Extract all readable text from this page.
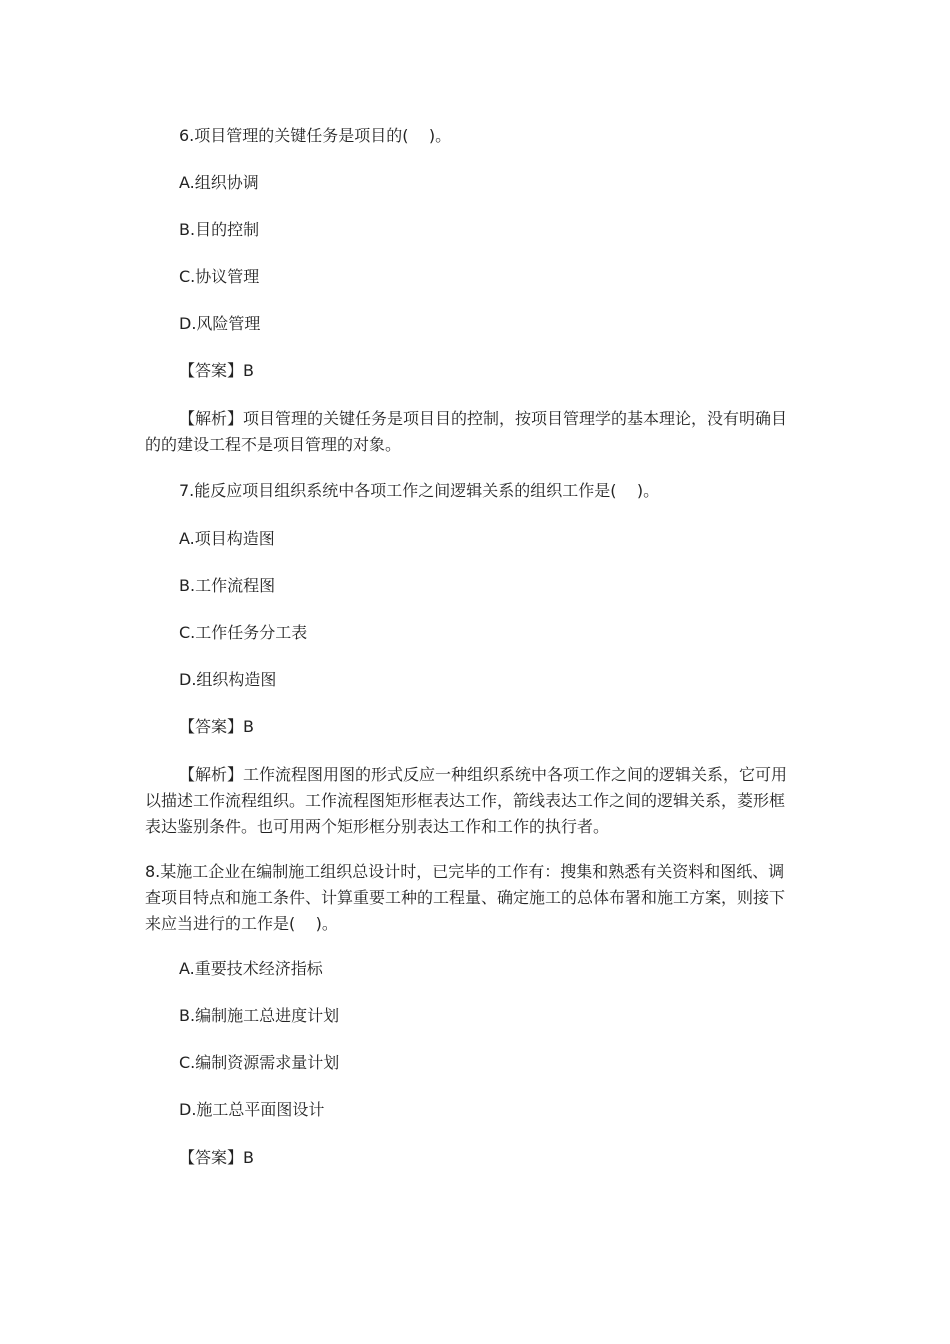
6.项目管理的关键任务是项目的(    )。
A.组织协调
B.目的控制
C.协议管理
D.风险管理
【答案】B
【解析】项目管理的关键任务是项目目的控制，按项目管理学的基本理论，没有明确目的的建设工程不是项目管理的对象。
7.能反应项目组织系统中各项工作之间逻辑关系的组织工作是(    )。
A.项目构造图
B.工作流程图
C.工作任务分工表
D.组织构造图
【答案】B
【解析】工作流程图用图的形式反应一种组织系统中各项工作之间的逻辑关系，它可用以描述工作流程组织。工作流程图矩形框表达工作，箭线表达工作之间的逻辑关系，菱形框表达鉴别条件。也可用两个矩形框分别表达工作和工作的执行者。
8.某施工企业在编制施工组织总设计时，已完毕的工作有：搜集和熟悉有关资料和图纸、调查项目特点和施工条件、计算重要工种的工程量、确定施工的总体布署和施工方案，则接下来应当进行的工作是(    )。
A.重要技术经济指标
B.编制施工总进度计划
C.编制资源需求量计划
D.施工总平面图设计
【答案】B
